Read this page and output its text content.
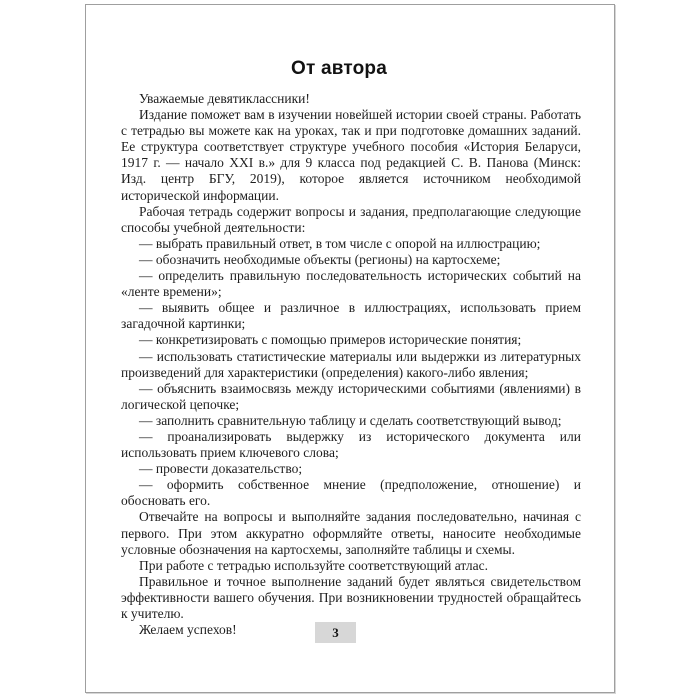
От автора

Уважаемые девятиклассники!

Издание поможет вам в изучении новейшей истории своей страны. Работать с тетрадью вы можете как на уроках, так и при подготовке домашних заданий. Ее структура соответствует структуре учебного пособия «История Беларуси, 1917 г. — начало XXI в.» для 9 класса под редакцией С. В. Панова (Минск: Изд. центр БГУ, 2019), которое является источником необходимой исторической информации.

Рабочая тетрадь содержит вопросы и задания, предполагающие следующие способы учебной деятельности:

— выбрать правильный ответ, в том числе с опорой на иллюстрацию;

— обозначить необходимые объекты (регионы) на картосхеме;

— определить правильную последовательность исторических событий на «ленте времени»;

— выявить общее и различное в иллюстрациях, использовать прием загадочной картинки;

— конкретизировать с помощью примеров исторические понятия;

— использовать статистические материалы или выдержки из литературных произведений для характеристики (определения) какого-либо явления;

— объяснить взаимосвязь между историческими событиями (явлениями) в логической цепочке;

— заполнить сравнительную таблицу и сделать соответствующий вывод;

— проанализировать выдержку из исторического документа или использовать прием ключевого слова;

— провести доказательство;

— оформить собственное мнение (предположение, отношение) и обосновать его.

Отвечайте на вопросы и выполняйте задания последовательно, начиная с первого. При этом аккуратно оформляйте ответы, наносите необходимые условные обозначения на картосхемы, заполняйте таблицы и схемы.

При работе с тетрадью используйте соответствующий атлас.

Правильное и точное выполнение заданий будет являться свидетельством эффективности вашего обучения. При возникновении трудностей обращайтесь к учителю.

Желаем успехов!	3
